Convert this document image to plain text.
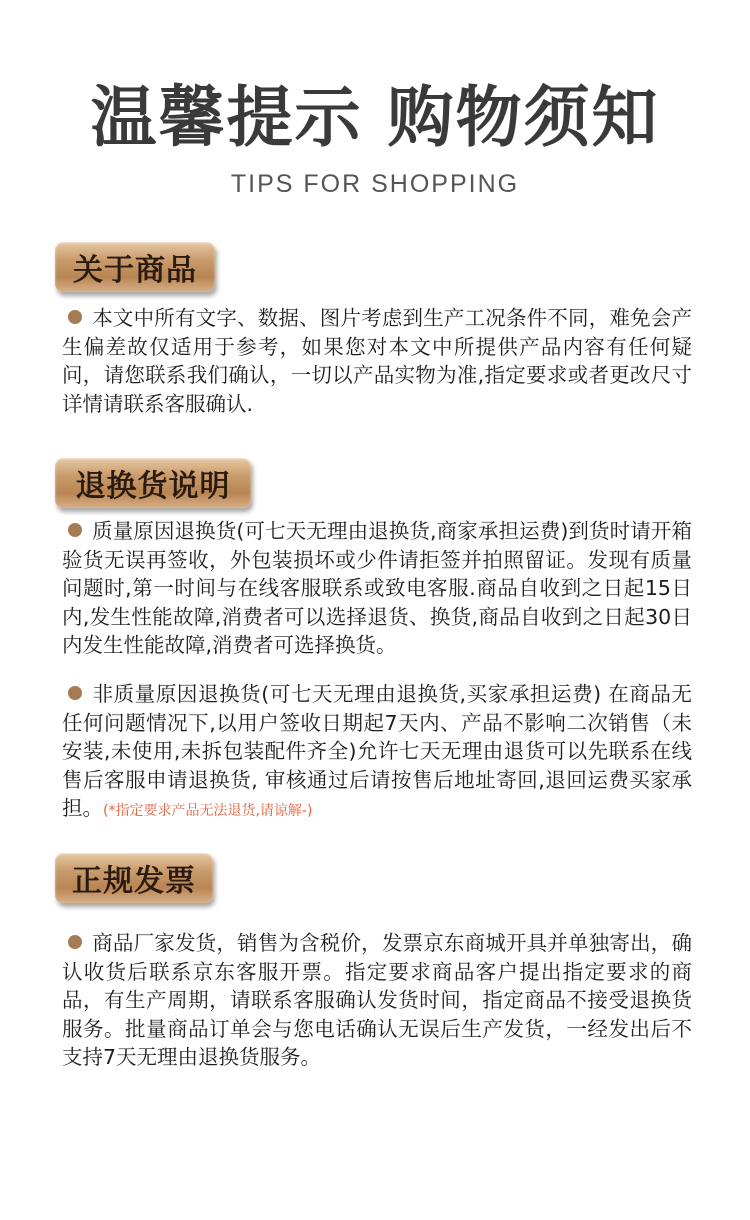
温馨提示 购物须知
TIPS FOR SHOPPING
关于商品
本文中所有文字、数据、图片考虑到生产工况条件不同，难免会产生偏差故仅适用于参考，如果您对本文中所提供产品内容有任何疑问，请您联系我们确认，一切以产品实物为准,指定要求或者更改尺寸详情请联系客服确认.
退换货说明
质量原因退换货(可七天无理由退换货,商家承担运费)到货时请开箱验货无误再签收，外包装损坏或少件请拒签并拍照留证。发现有质量问题时,第一时间与在线客服联系或致电客服.商品自收到之日起15日内,发生性能故障,消费者可以选择退货、换货,商品自收到之日起30日内发生性能故障,消费者可选择换货。
非质量原因退换货(可七天无理由退换货,买家承担运费) 在商品无任何问题情况下,以用户签收日期起7天内、产品不影响二次销售（未安装,未使用,未拆包装配件齐全)允许七天无理由退货可以先联系在线售后客服申请退换货, 审核通过后请按售后地址寄回,退回运费买家承担。(*指定要求产品无法退货,请谅解-)
正规发票
商品厂家发货，销售为含税价，发票京东商城开具并单独寄出，确认收货后联系京东客服开票。指定要求商品客户提出指定要求的商品，有生产周期，请联系客服确认发货时间，指定商品不接受退换货服务。批量商品订单会与您电话确认无误后生产发货，一经发出后不支持7天无理由退换货服务。
